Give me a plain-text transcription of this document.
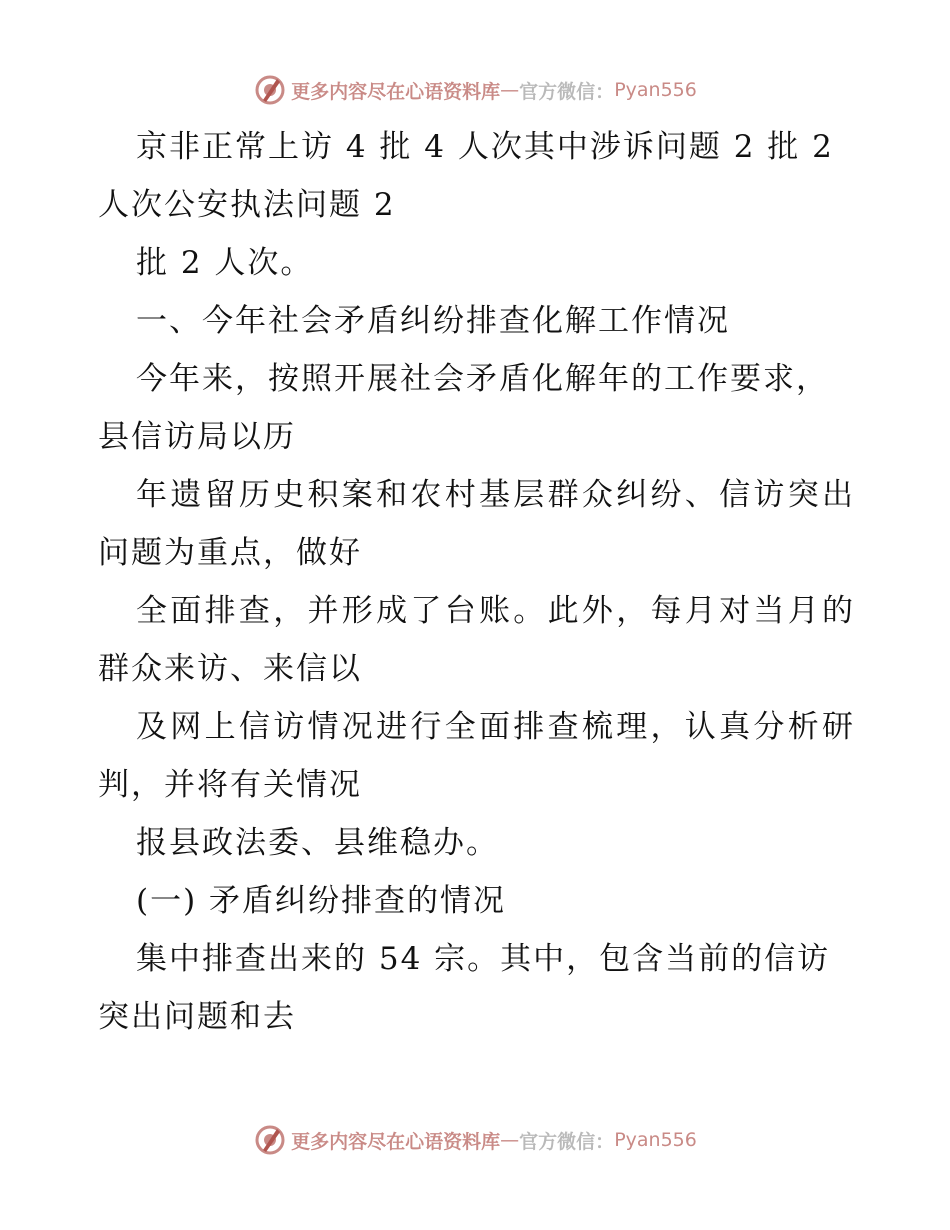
更多内容尽在心语资料库 — 官方微信： Pyan556
京非正常上访 4 批 4 人次其中涉诉问题 2 批 2
人次公安执法问题 2
批 2 人次。
一、今年社会矛盾纠纷排查化解工作情况
今年来，按照开展社会矛盾化解年的工作要求，
县信访局以历
年遗留历史积案和农村基层群众纠纷、信访突出
问题为重点，做好
全面排查，并形成了台账。此外，每月对当月的
群众来访、来信以
及网上信访情况进行全面排查梳理，认真分析研
判，并将有关情况
报县政法委、县维稳办。
(一) 矛盾纠纷排查的情况
集中排查出来的 54 宗。其中，包含当前的信访
突出问题和去
更多内容尽在心语资料库 — 官方微信： Pyan556
